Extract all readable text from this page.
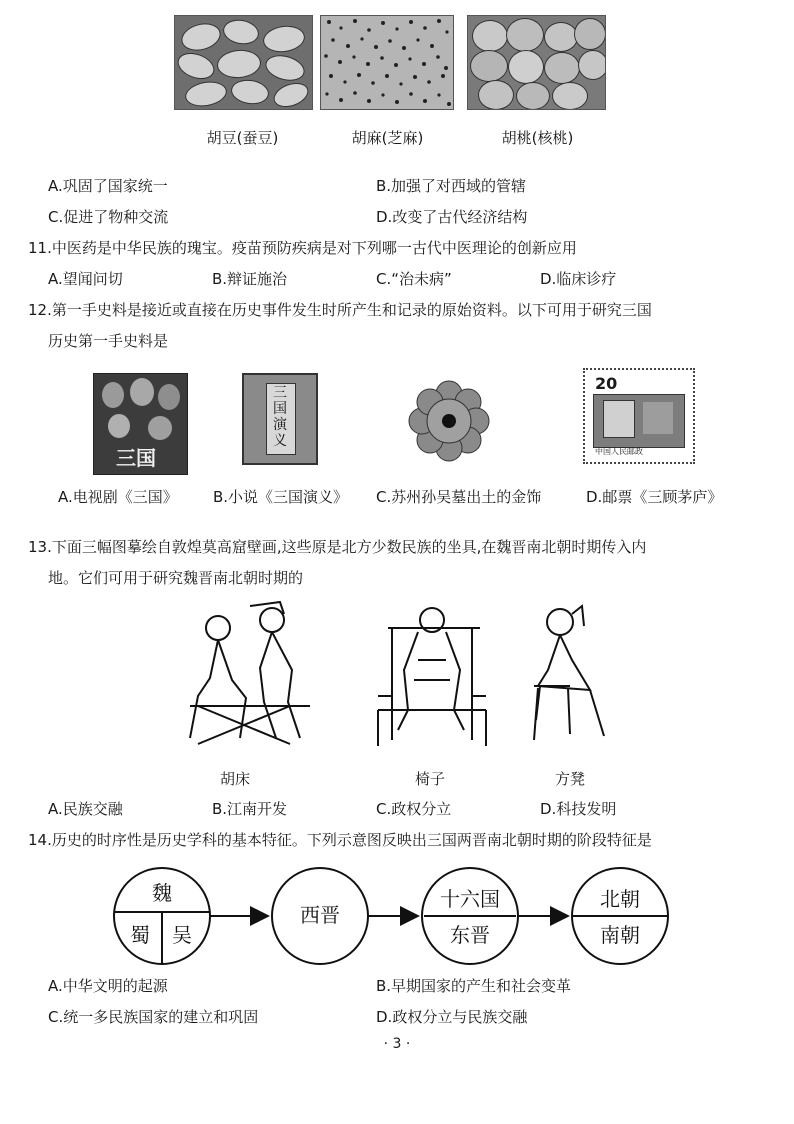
胡豆(蚕豆)	胡麻(芝麻)	胡桃(核桃)
A.巩固了国家统一	B.加强了对西域的管辖
C.促进了物种交流	D.改变了古代经济结构
11.中医药是中华民族的瑰宝。疫苗预防疾病是对下列哪一古代中医理论的创新应用
A.望闻问切	B.辩证施治	C.“治未病”	D.临床诊疗
12.第一手史料是接近或直接在历史事件发生时所产生和记录的原始资料。以下可用于研究三国
历史第一手史料是
三国
三国演义
20
中国人民邮政
A.电视剧《三国》 B.小说《三国演义》 C.苏州孙吴墓出土的金饰	D.邮票《三顾茅庐》
13.下面三幅图摹绘自敦煌莫高窟壁画,这些原是北方少数民族的坐具,在魏晋南北朝时期传入内
地。它们可用于研究魏晋南北朝时期的
胡床	椅子	方凳
A.民族交融	B.江南开发	C.政权分立	D.科技发明
14.历史的时序性是历史学科的基本特征。下列示意图反映出三国两晋南北朝时期的阶段特征是
魏
蜀 吴
西晋
十六国
东晋
北朝
南朝
A.中华文明的起源	B.早期国家的产生和社会变革
C.统一多民族国家的建立和巩固	D.政权分立与民族交融
· 3 ·
